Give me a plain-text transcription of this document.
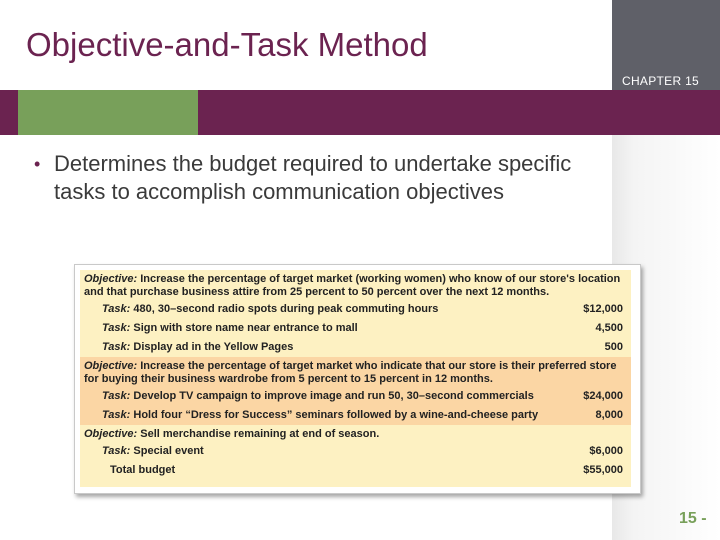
CHAPTER 15
Objective-and-Task Method
• Determines the budget required to undertake specific tasks to accomplish communication objectives
Objective: Increase the percentage of target market (working women) who know of our store's location and that purchase business attire from 25 percent to 50 percent over the next 12 months.
Task: 480, 30–second radio spots during peak commuting hours	$12,000
Task: Sign with store name near entrance to mall	4,500
Task: Display ad in the Yellow Pages	500
Objective: Increase the percentage of target market who indicate that our store is their preferred store for buying their business wardrobe from 5 percent to 15 percent in 12 months.
Task: Develop TV campaign to improve image and run 50, 30–second commercials	$24,000
Task: Hold four “Dress for Success” seminars followed by a wine-and-cheese party	8,000
Objective: Sell merchandise remaining at end of season.
Task: Special event	$6,000
Total budget	$55,000
15 -
